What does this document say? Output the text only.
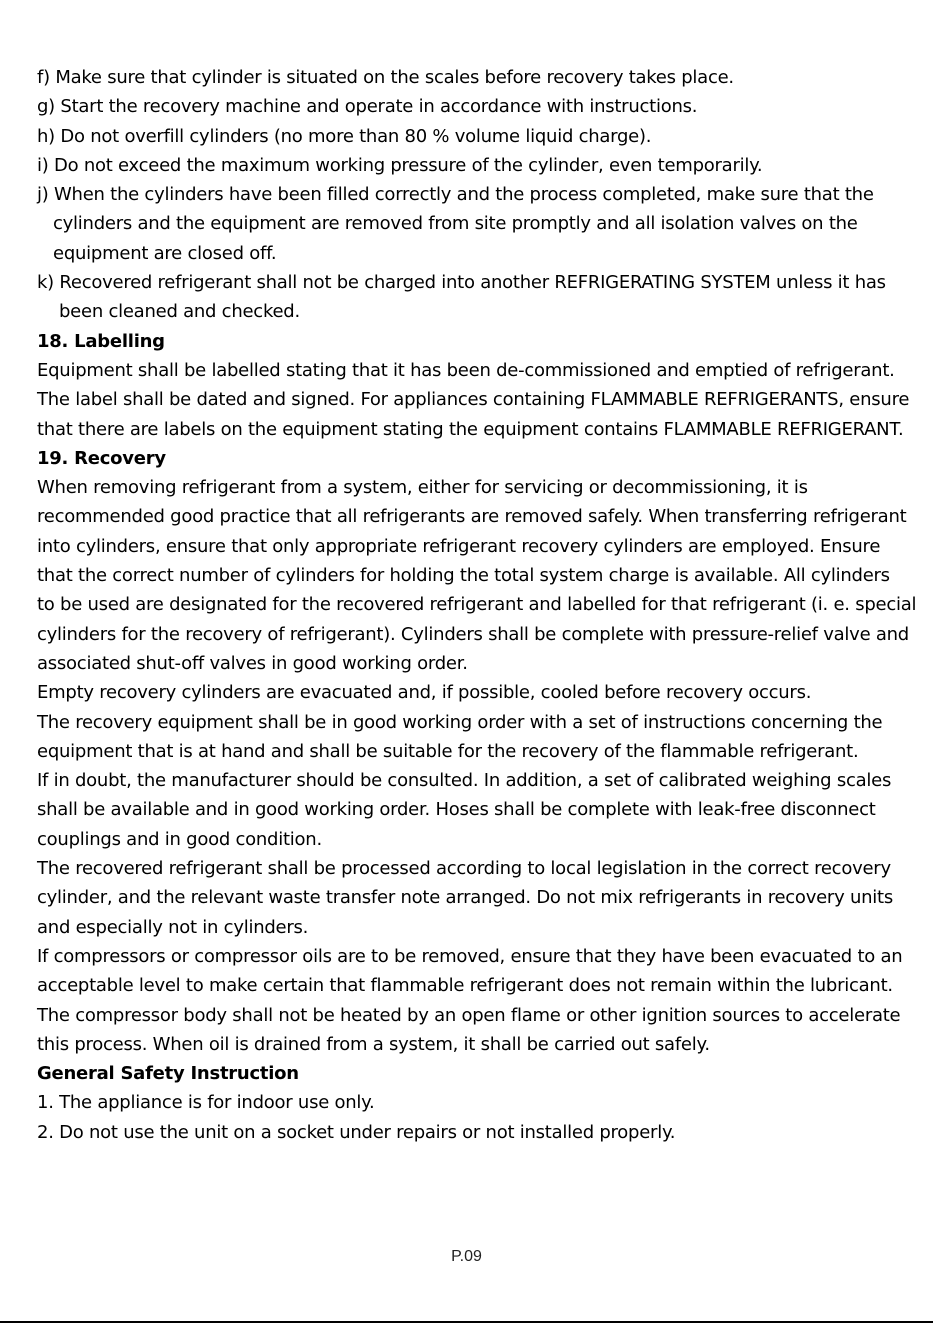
f) Make sure that cylinder is situated on the scales before recovery takes place.
g) Start the recovery machine and operate in accordance with instructions.
h) Do not overfill cylinders (no more than 80 % volume liquid charge).
i) Do not exceed the maximum working pressure of the cylinder, even temporarily.
j) When the cylinders have been filled correctly and the process completed, make sure that the
cylinders and the equipment are removed from site promptly and all isolation valves on the
equipment are closed off.
k) Recovered refrigerant shall not be charged into another REFRIGERATING SYSTEM unless it has
been cleaned and checked.
18. Labelling
Equipment shall be labelled stating that it has been de-commissioned and emptied of refrigerant.
The label shall be dated and signed. For appliances containing FLAMMABLE REFRIGERANTS, ensure
that there are labels on the equipment stating the equipment contains FLAMMABLE REFRIGERANT.
19. Recovery
When removing refrigerant from a system, either for servicing or decommissioning, it is
recommended good practice that all refrigerants are removed safely. When transferring refrigerant
into cylinders, ensure that only appropriate refrigerant recovery cylinders are employed. Ensure
that the correct number of cylinders for holding the total system charge is available. All cylinders
to be used are designated for the recovered refrigerant and labelled for that refrigerant (i. e. special
cylinders for the recovery of refrigerant). Cylinders shall be complete with pressure-relief valve and
associated shut-off valves in good working order.
Empty recovery cylinders are evacuated and, if possible, cooled before recovery occurs.
The recovery equipment shall be in good working order with a set of instructions concerning the
equipment that is at hand and shall be suitable for the recovery of the flammable refrigerant.
If in doubt, the manufacturer should be consulted. In addition, a set of calibrated weighing scales
shall be available and in good working order. Hoses shall be complete with leak-free disconnect
couplings and in good condition.
The recovered refrigerant shall be processed according to local legislation in the correct recovery
cylinder, and the relevant waste transfer note arranged. Do not mix refrigerants in recovery units
and especially not in cylinders.
If compressors or compressor oils are to be removed, ensure that they have been evacuated to an
acceptable level to make certain that flammable refrigerant does not remain within the lubricant.
The compressor body shall not be heated by an open flame or other ignition sources to accelerate
this process. When oil is drained from a system, it shall be carried out safely.
General Safety Instruction
1. The appliance is for indoor use only.
2. Do not use the unit on a socket under repairs or not installed properly.
P.09
